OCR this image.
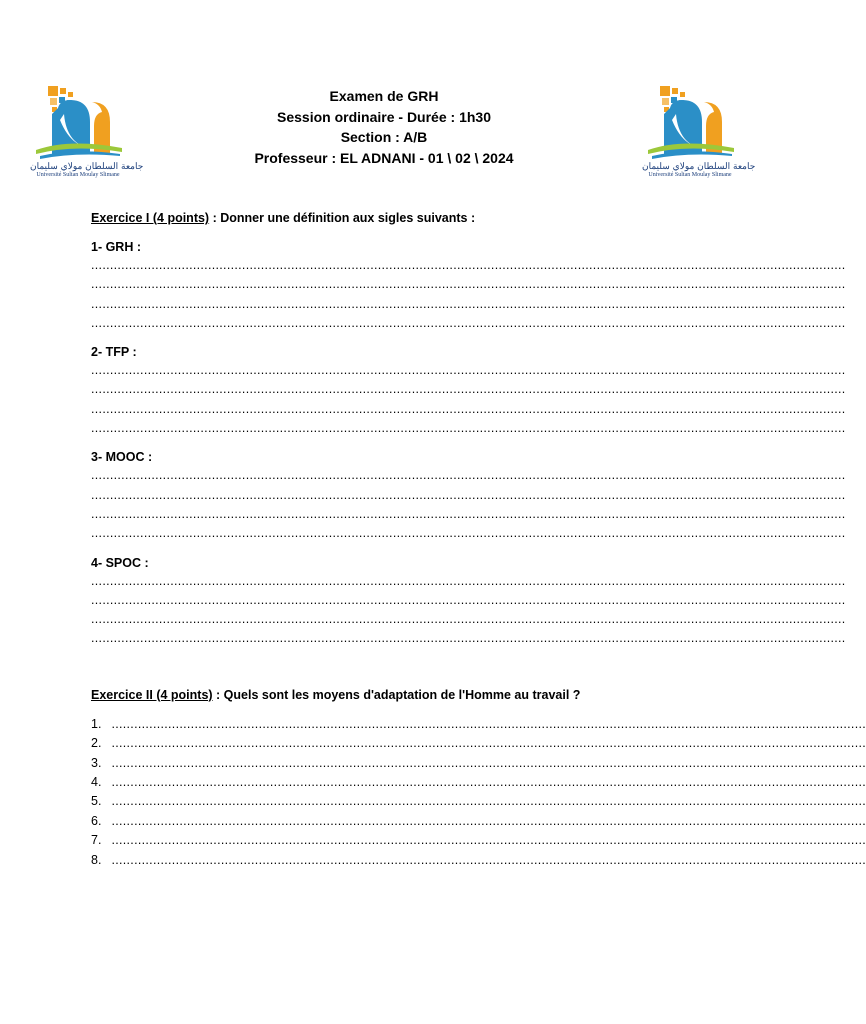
جامعة السلطان مولاي سليمان
Université Sultan Moulay Slimane
جامعة السلطان مولاي سليمان
Université Sultan Moulay Slimane
Examen de GRH
Session ordinaire - Durée : 1h30
Section : A/B
Professeur : EL ADNANI - 01 \ 02 \ 2024
Exercice I (4 points) : Donner une définition aux sigles suivants :
1- GRH :
........................................................................................................................................................................................................
........................................................................................................................................................................................................
........................................................................................................................................................................................................
........................................................................................................................................................................................................
2- TFP :
........................................................................................................................................................................................................
........................................................................................................................................................................................................
........................................................................................................................................................................................................
........................................................................................................................................................................................................
3- MOOC :
........................................................................................................................................................................................................
........................................................................................................................................................................................................
........................................................................................................................................................................................................
........................................................................................................................................................................................................
4- SPOC :
........................................................................................................................................................................................................
........................................................................................................................................................................................................
........................................................................................................................................................................................................
........................................................................................................................................................................................................
Exercice II (4 points) : Quels sont les moyens d'adaptation de l'Homme au travail ?
1. ........................................................................................................................................................................................................
2. ........................................................................................................................................................................................................
3. ........................................................................................................................................................................................................
4. ........................................................................................................................................................................................................
5. ........................................................................................................................................................................................................
6. ........................................................................................................................................................................................................
7. ........................................................................................................................................................................................................
8. ........................................................................................................................................................................................................
